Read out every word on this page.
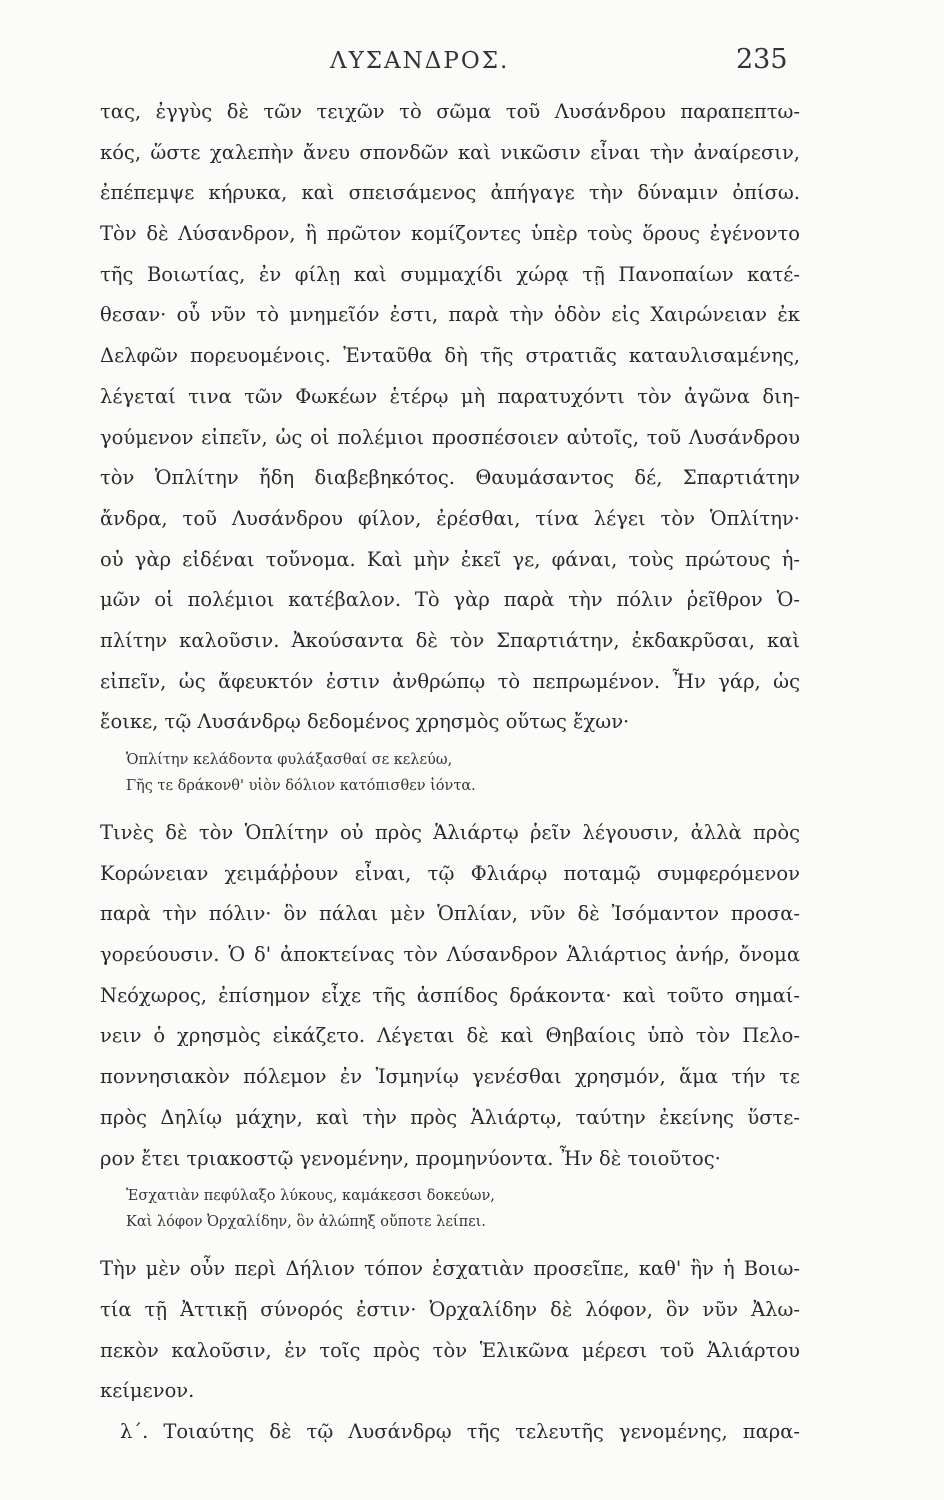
ΛΥΣΑΝΔΡΟΣ.	235
τας, ἐγγὺς δὲ τῶν τειχῶν τὸ σῶμα τοῦ Λυσάνδρου παραπεπτω-
κός, ὥστε χαλεπὴν ἄνευ σπονδῶν καὶ νικῶσιν εἶναι τὴν ἀναίρεσιν,
ἐπέπεμψε κήρυκα, καὶ σπεισάμενος ἀπήγαγε τὴν δύναμιν ὀπίσω.
Τὸν δὲ Λύσανδρον, ἣ πρῶτον κομίζοντες ὑπὲρ τοὺς ὅρους ἐγένοντο
τῆς Βοιωτίας, ἐν φίλῃ καὶ συμμαχίδι χώρᾳ τῇ Πανοπαίων κατέ-
θεσαν· οὗ νῦν τὸ μνημεῖόν ἐστι, παρὰ τὴν ὁδὸν εἰς Χαιρώνειαν ἐκ
Δελφῶν πορευομένοις. Ἐνταῦθα δὴ τῆς στρατιᾶς καταυλισαμένης,
λέγεταί τινα τῶν Φωκέων ἑτέρῳ μὴ παρατυχόντι τὸν ἀγῶνα διη-
γούμενον εἰπεῖν, ὡς οἱ πολέμιοι προσπέσοιεν αὐτοῖς, τοῦ Λυσάνδρου
τὸν Ὁπλίτην ἤδη διαβεβηκότος. Θαυμάσαντος δέ, Σπαρτιάτην
ἄνδρα, τοῦ Λυσάνδρου φίλον, ἐρέσθαι, τίνα λέγει τὸν Ὁπλίτην·
οὐ γὰρ εἰδέναι τοὔνομα. Καὶ μὴν ἐκεῖ γε, φάναι, τοὺς πρώτους ἡ-
μῶν οἱ πολέμιοι κατέβαλον. Τὸ γὰρ παρὰ τὴν πόλιν ῥεῖθρον Ὁ-
πλίτην καλοῦσιν. Ἀκούσαντα δὲ τὸν Σπαρτιάτην, ἐκδακρῦσαι, καὶ
εἰπεῖν, ὡς ἄφευκτόν ἐστιν ἀνθρώπῳ τὸ πεπρωμένον. Ἦν γάρ, ὡς
ἔοικε, τῷ Λυσάνδρῳ δεδομένος χρησμὸς οὕτως ἔχων·
Ὁπλίτην κελάδοντα φυλάξασθαί σε κελεύω,
Γῆς τε δράκονθ' υἱὸν δόλιον κατόπισθεν ἰόντα.
Τινὲς δὲ τὸν Ὁπλίτην οὐ πρὸς Ἁλιάρτῳ ῥεῖν λέγουσιν, ἀλλὰ πρὸς
Κορώνειαν χειμάῤῥουν εἶναι, τῷ Φλιάρῳ ποταμῷ συμφερόμενον
παρὰ τὴν πόλιν· ὃν πάλαι μὲν Ὁπλίαν, νῦν δὲ Ἰσόμαντον προσα-
γορεύουσιν. Ὁ δ' ἀποκτείνας τὸν Λύσανδρον Ἁλιάρτιος ἀνήρ, ὄνομα
Νεόχωρος, ἐπίσημον εἶχε τῆς ἀσπίδος δράκοντα· καὶ τοῦτο σημαί-
νειν ὁ χρησμὸς εἰκάζετο. Λέγεται δὲ καὶ Θηβαίοις ὑπὸ τὸν Πελο-
ποννησιακὸν πόλεμον ἐν Ἰσμηνίῳ γενέσθαι χρησμόν, ἅμα τήν τε
πρὸς Δηλίῳ μάχην, καὶ τὴν πρὸς Ἁλιάρτῳ, ταύτην ἐκείνης ὕστε-
ρον ἔτει τριακοστῷ γενομένην, προμηνύοντα. Ἦν δὲ τοιοῦτος·
Ἐσχατιὰν πεφύλαξο λύκους, καμάκεσσι δοκεύων,
Καὶ λόφον Ὀρχαλίδην, ὃν ἀλώπηξ οὔποτε λείπει.
Τὴν μὲν οὖν περὶ Δήλιον τόπον ἐσχατιὰν προσεῖπε, καθ' ἣν ἡ Βοιω-
τία τῇ Ἀττικῇ σύνορός ἐστιν· Ὀρχαλίδην δὲ λόφον, ὃν νῦν Ἀλω-
πεκὸν καλοῦσιν, ἐν τοῖς πρὸς τὸν Ἑλικῶνα μέρεσι τοῦ Ἁλιάρτου
κείμενον.
λ΄. Τοιαύτης δὲ τῷ Λυσάνδρῳ τῆς τελευτῆς γενομένης, παρα-
